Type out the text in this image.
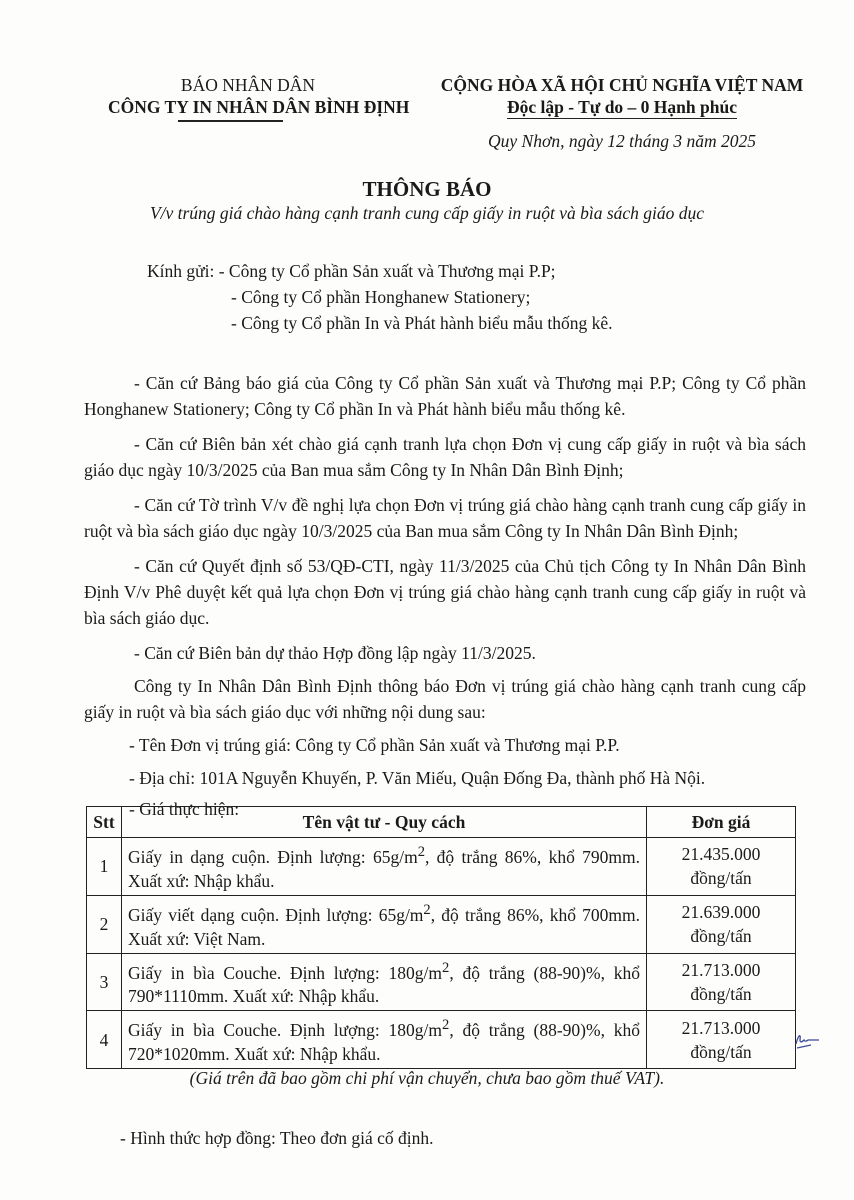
BÁO NHÂN DÂN
CÔNG TY IN NHÂN DÂN BÌNH ĐỊNH
CỘNG HÒA XÃ HỘI CHỦ NGHĨA VIỆT NAM
Độc lập - Tự do – 0 Hạnh phúc
Quy Nhơn, ngày 12 tháng 3 năm 2025
THÔNG BÁO
V/v trúng giá chào hàng cạnh tranh cung cấp giấy in ruột và bìa sách giáo dục
Kính gửi: - Công ty Cổ phần Sản xuất và Thương mại P.P;
- Công ty Cổ phần Honghanew Stationery;
- Công ty Cổ phần In và Phát hành biểu mẫu thống kê.

- Căn cứ Bảng báo giá của Công ty Cổ phần Sản xuất và Thương mại P.P; Công ty Cổ phần Honghanew Stationery; Công ty Cổ phần In và Phát hành biểu mẫu thống kê.

- Căn cứ Biên bản xét chào giá cạnh tranh lựa chọn Đơn vị cung cấp giấy in ruột và bìa sách giáo dục ngày 10/3/2025 của Ban mua sắm Công ty In Nhân Dân Bình Định;

- Căn cứ Tờ trình V/v đề nghị lựa chọn Đơn vị trúng giá chào hàng cạnh tranh cung cấp giấy in ruột và bìa sách giáo dục ngày 10/3/2025 của Ban mua sắm Công ty In Nhân Dân Bình Định;

- Căn cứ Quyết định số 53/QĐ-CTI, ngày 11/3/2025 của Chủ tịch Công ty In Nhân Dân Bình Định V/v Phê duyệt kết quả lựa chọn Đơn vị trúng giá chào hàng cạnh tranh cung cấp giấy in ruột và bìa sách giáo dục.

- Căn cứ Biên bản dự thảo Hợp đồng lập ngày 11/3/2025.

Công ty In Nhân Dân Bình Định thông báo Đơn vị trúng giá chào hàng cạnh tranh cung cấp giấy in ruột và bìa sách giáo dục với những nội dung sau:

- Tên Đơn vị trúng giá: Công ty Cổ phần Sản xuất và Thương mại P.P.

- Địa chỉ: 101A Nguyễn Khuyến, P. Văn Miếu, Quận Đống Đa, thành phố Hà Nội.

- Giá thực hiện:

Stt	Tên vật tư - Quy cách	Đơn giá
1	Giấy in dạng cuộn. Định lượng: $65g/m^2$, độ trắng 86%, khổ 790mm. Xuất xứ: Nhập khẩu.	21.435.000
đồng/tấn

2	Giấy viết dạng cuộn. Định lượng: $65g/m^2$, độ trắng 86%, khổ 700mm. Xuất xứ: Việt Nam.	21.639.000
đồng/tấn

3	Giấy in bìa Couche. Định lượng: $180g/m^2$, độ trắng (88-90)%, khổ 790*1110mm. Xuất xứ: Nhập khẩu.	21.713.000
đồng/tấn

4	Giấy in bìa Couche. Định lượng: $180g/m^2$, độ trắng (88-90)%, khổ 720*1020mm. Xuất xứ: Nhập khẩu.	21.713.000
đồng/tấn
(Giá trên đã bao gồm chi phí vận chuyển, chưa bao gồm thuế VAT).
- Hình thức hợp đồng: Theo đơn giá cố định.
